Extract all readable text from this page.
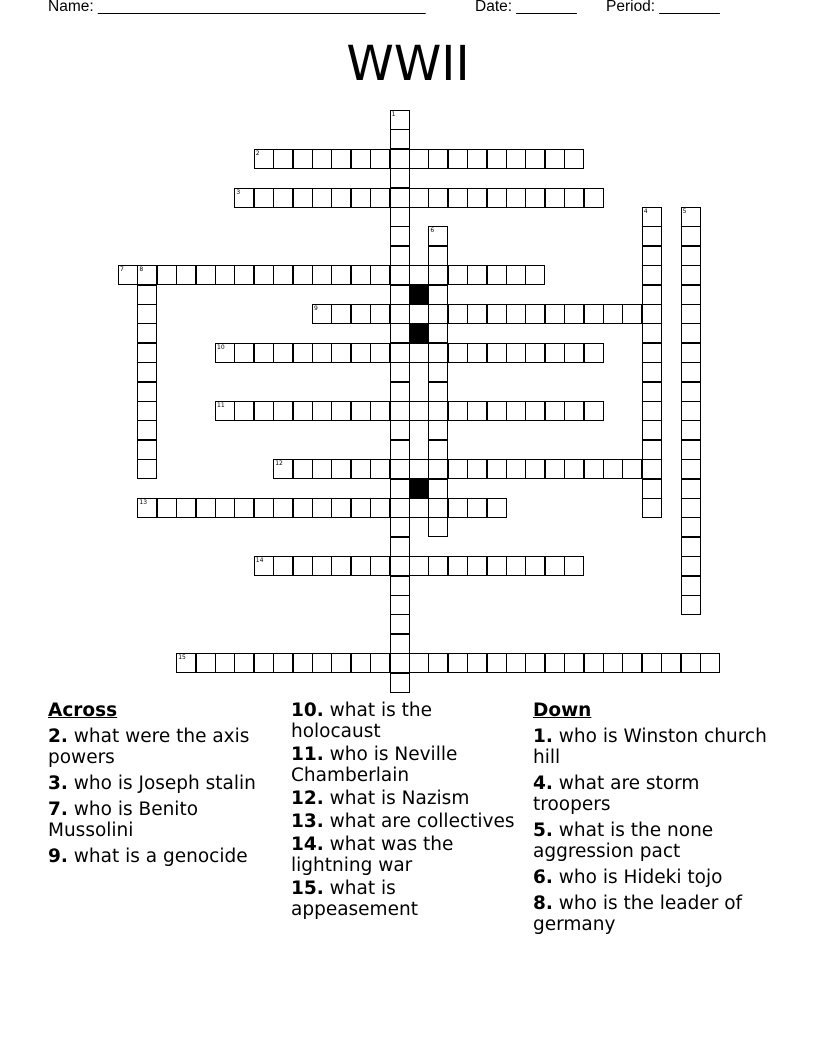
Name: ______________________________________	Date: _______ Period: _______
WWII
1
4	5
6
8
2
3
7
9
10
11
12
13
14
15
Across
2. what were the axis powers
3. who is Joseph stalin
7. who is Benito Mussolini
9. what is a genocide
10. what is the holocaust
11. who is Neville Chamberlain
12. what is Nazism
13. what are collectives
14. what was the lightning war
15. what is appeasement
Down
1. who is Winston church hill
4. what are storm troopers
5. what is the none aggression pact
6. who is Hideki tojo
8. who is the leader of germany
